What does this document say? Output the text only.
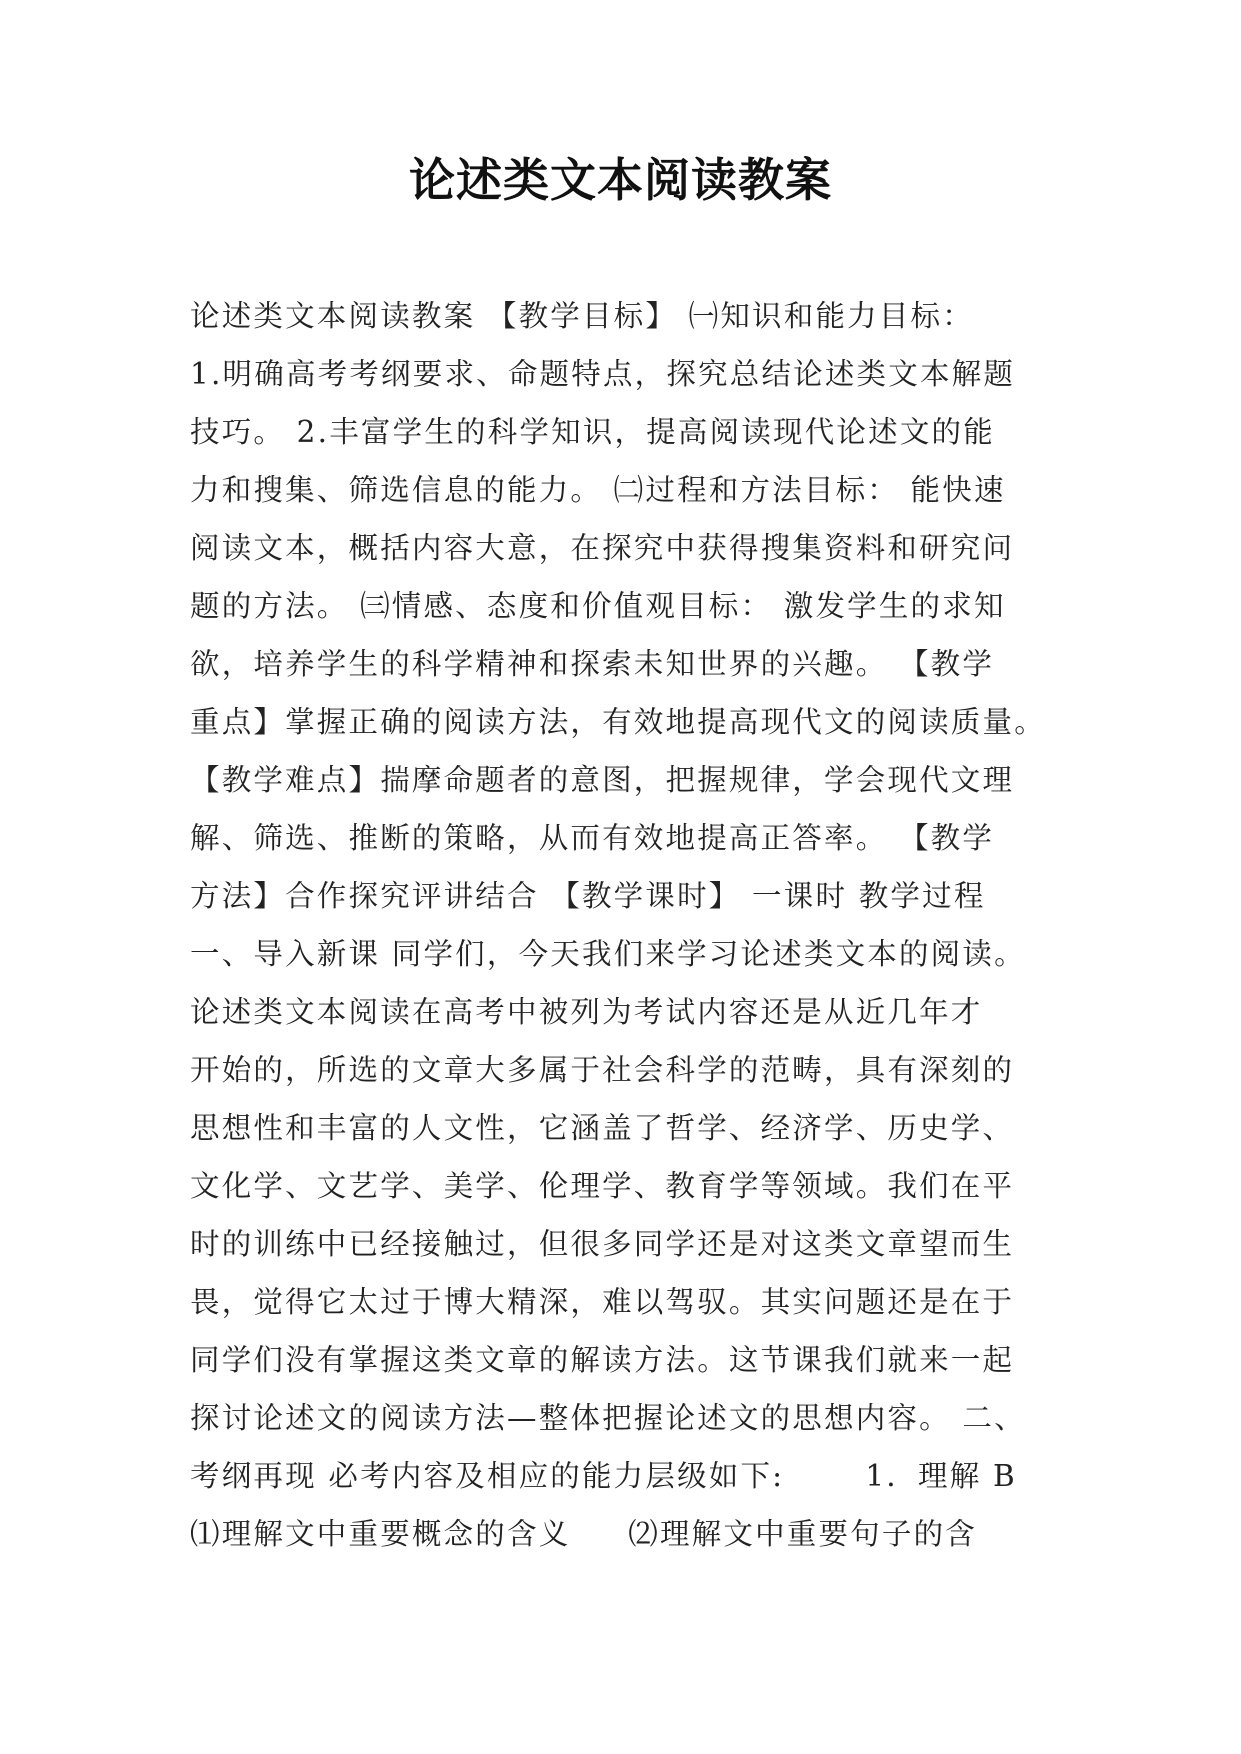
论述类文本阅读教案
论述类文本阅读教案 【教学目标】 ㈠知识和能力目标：
1.明确高考考纲要求、命题特点，探究总结论述类文本解题
技巧。 2.丰富学生的科学知识，提高阅读现代论述文的能
力和搜集、筛选信息的能力。 ㈡过程和方法目标： 能快速
阅读文本，概括内容大意，在探究中获得搜集资料和研究问
题的方法。 ㈢情感、态度和价值观目标： 激发学生的求知
欲，培养学生的科学精神和探索未知世界的兴趣。 【教学
重点】掌握正确的阅读方法，有效地提高现代文的阅读质量。
【教学难点】揣摩命题者的意图，把握规律，学会现代文理
解、筛选、推断的策略，从而有效地提高正答率。 【教学
方法】合作探究评讲结合 【教学课时】 一课时 教学过程
一、导入新课 同学们，今天我们来学习论述类文本的阅读。
论述类文本阅读在高考中被列为考试内容还是从近几年才
开始的，所选的文章大多属于社会科学的范畴，具有深刻的
思想性和丰富的人文性，它涵盖了哲学、经济学、历史学、
文化学、文艺学、美学、伦理学、教育学等领域。我们在平
时的训练中已经接触过，但很多同学还是对这类文章望而生
畏，觉得它太过于博大精深，难以驾驭。其实问题还是在于
同学们没有掌握这类文章的解读方法。这节课我们就来一起
探讨论述文的阅读方法—整体把握论述文的思想内容。 二、
考纲再现 必考内容及相应的能力层级如下:       1．理解 B
⑴理解文中重要概念的含义     ⑵理解文中重要句子的含
